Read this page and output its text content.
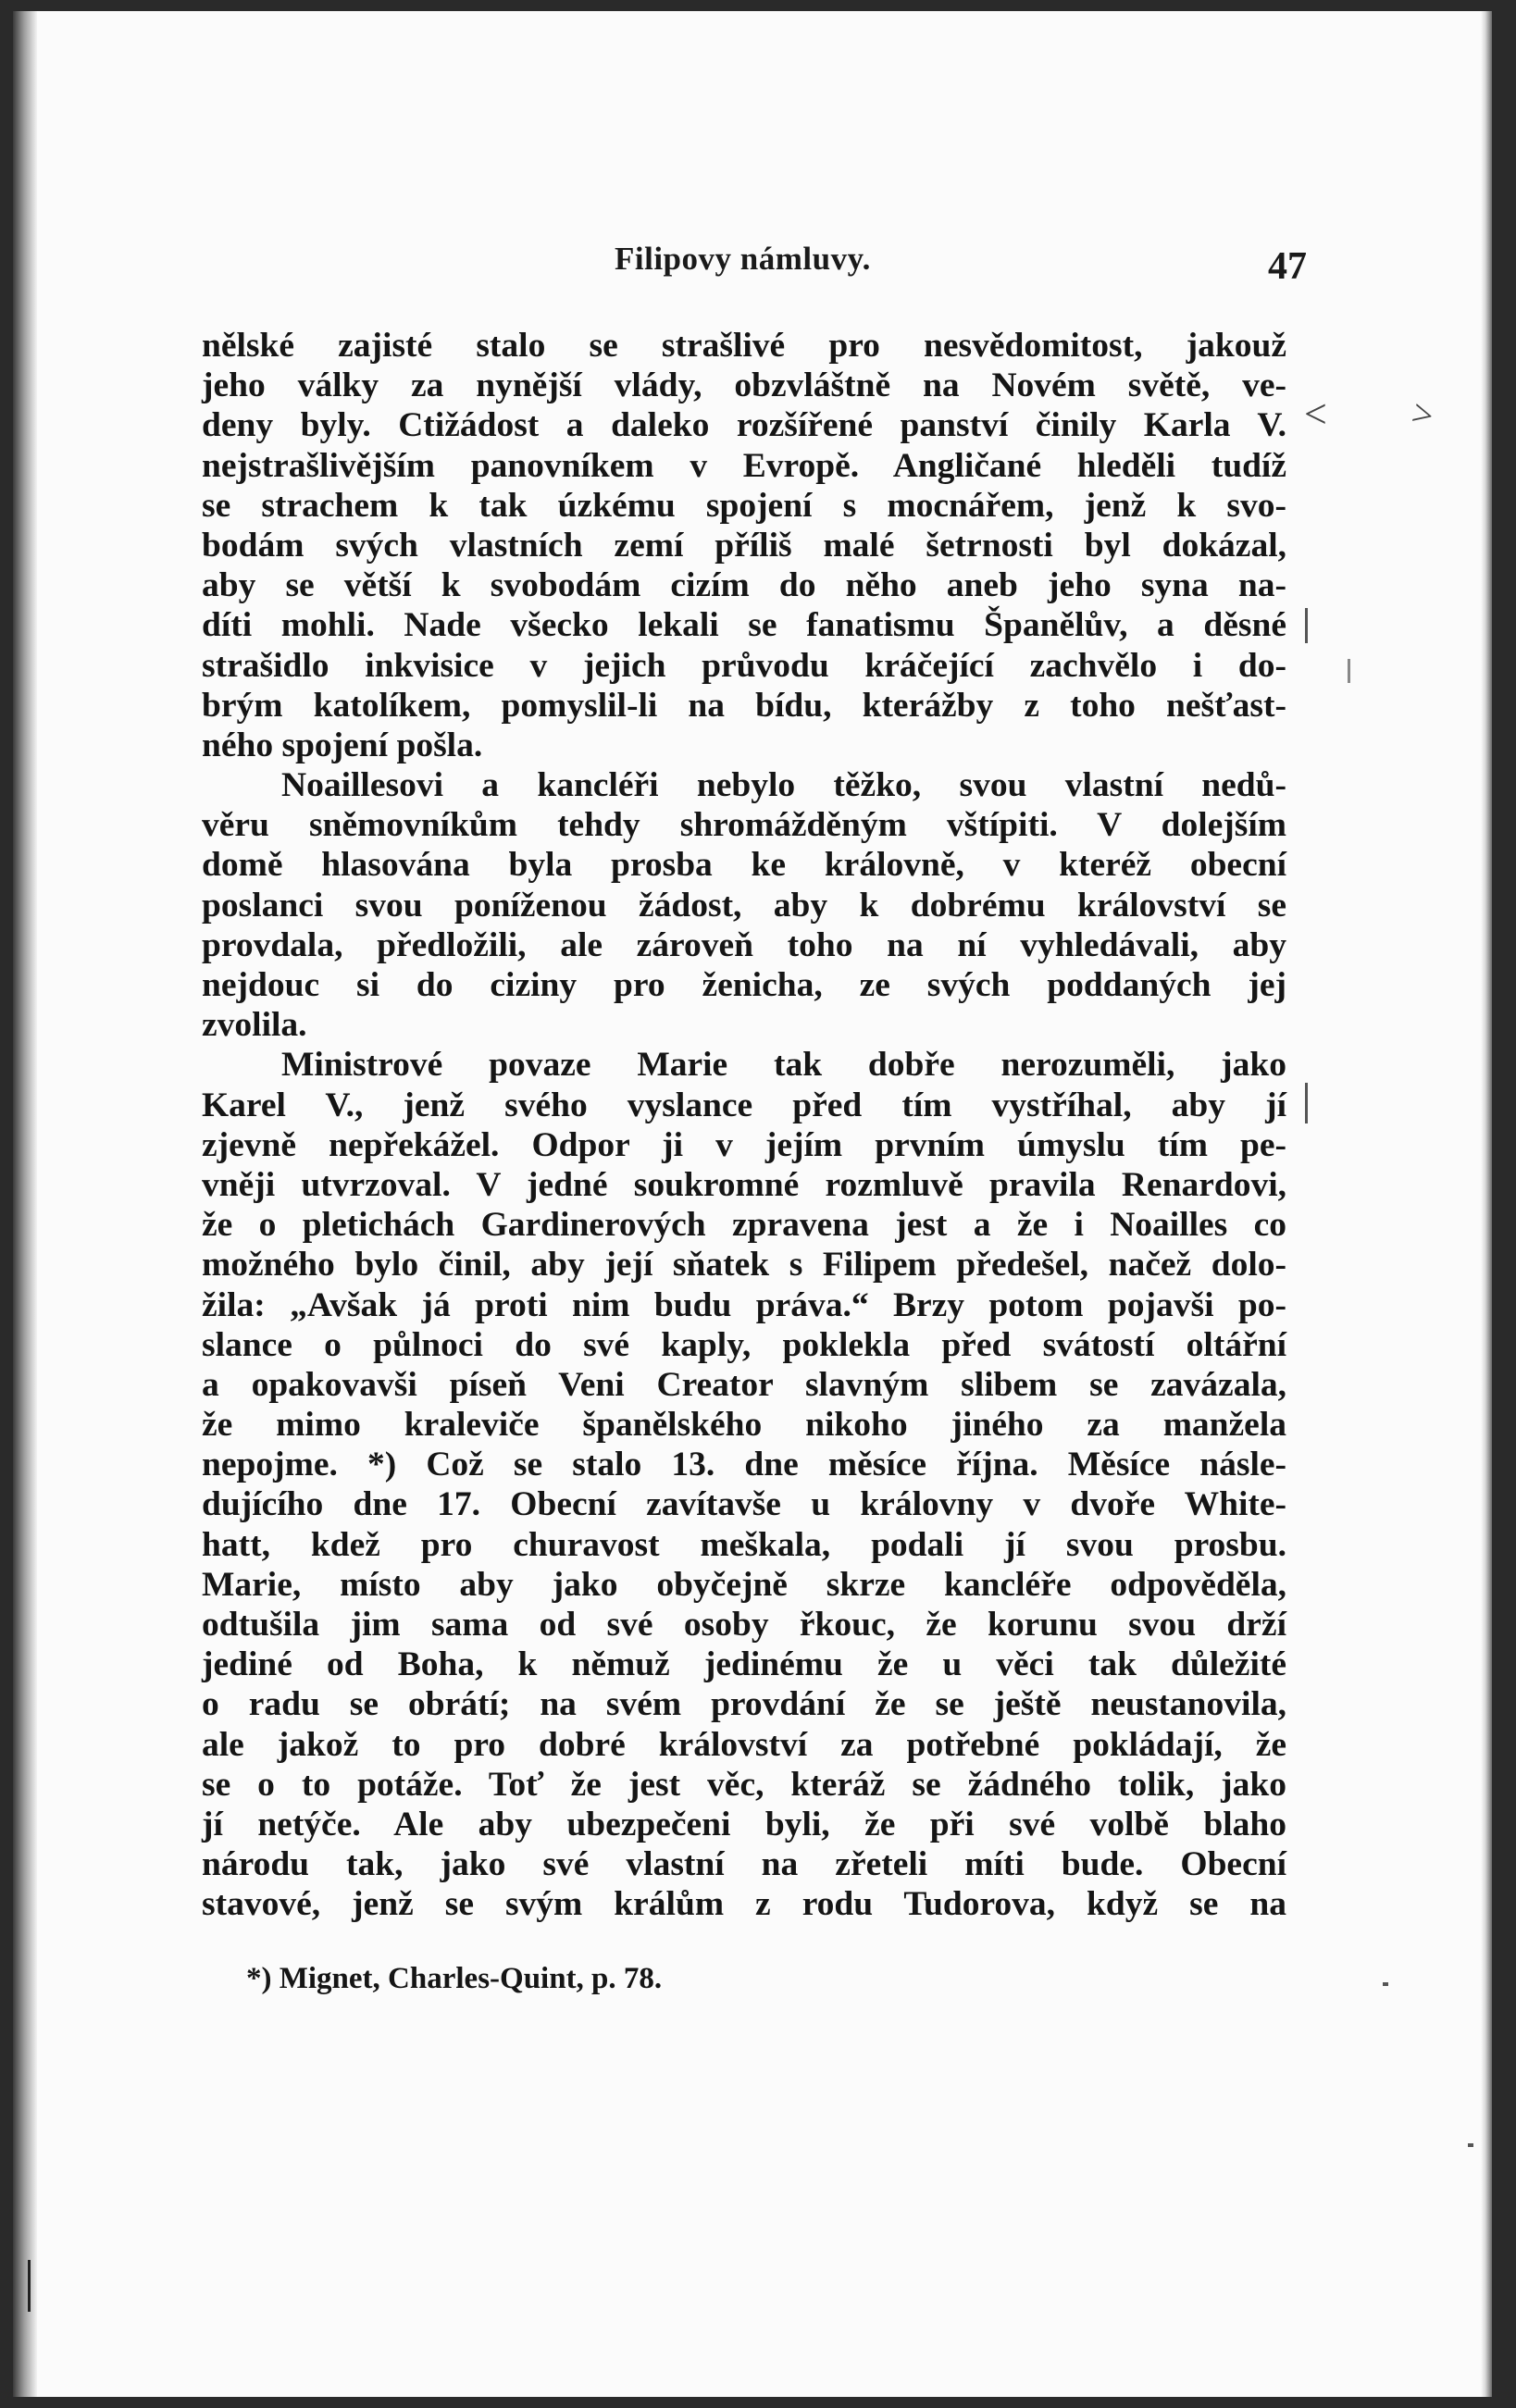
Filipovy námluvy.	47
< >
nělské zajisté stalo se strašlivé pro nesvědomitost, jakouž
jeho války za nynější vlády, obzvláštně na Novém světě, ve-
deny byly. Ctižádost a daleko rozšířené panství činily Karla V.
nejstrašlivějším panovníkem v Evropě. Angličané hleděli tudíž
se strachem k tak úzkému spojení s mocnářem, jenž k svo-
bodám svých vlastních zemí příliš malé šetrnosti byl dokázal,
aby se větší k svobodám cizím do něho aneb jeho syna na-
díti mohli. Nade všecko lekali se fanatismu Španělův, a děsné
strašidlo inkvisice v jejich průvodu kráčející zachvělo i do-
brým katolíkem, pomyslil-li na bídu, kterážby z toho nešťast-
ného spojení pošla.
Noaillesovi a kancléři nebylo těžko, svou vlastní nedů-
věru sněmovníkům tehdy shromážděným vštípiti. V dolejším
domě hlasována byla prosba ke královně, v kteréž obecní
poslanci svou poníženou žádost, aby k dobrému království se
provdala, předložili, ale zároveň toho na ní vyhledávali, aby
nejdouc si do ciziny pro ženicha, ze svých poddaných jej
zvolila.
Ministrové povaze Marie tak dobře nerozuměli, jako
Karel V., jenž svého vyslance před tím vystříhal, aby jí
zjevně nepřekážel. Odpor ji v jejím prvním úmyslu tím pe-
vněji utvrzoval. V jedné soukromné rozmluvě pravila Renardovi,
že o pletichách Gardinerových zpravena jest a že i Noailles co
možného bylo činil, aby její sňatek s Filipem předešel, načež dolo-
žila: „Avšak já proti nim budu práva.“ Brzy potom pojavši po-
slance o půlnoci do své kaply, poklekla před svátostí oltářní
a opakovavši píseň Veni Creator slavným slibem se zavázala,
že mimo kraleviče španělského nikoho jiného za manžela
nepojme. *) Což se stalo 13. dne měsíce října. Měsíce násle-
dujícího dne 17. Obecní zavítavše u královny v dvoře White-
hatt, kdež pro churavost meškala, podali jí svou prosbu.
Marie, místo aby jako obyčejně skrze kancléře odpověděla,
odtušila jim sama od své osoby řkouc, že korunu svou drží
jediné od Boha, k němuž jedinému že u věci tak důležité
o radu se obrátí; na svém provdání že se ještě neustanovila,
ale jakož to pro dobré království za potřebné pokládají, že
se o to potáže. Toť že jest věc, kteráž se žádného tolik, jako
jí netýče. Ale aby ubezpečeni byli, že při své volbě blaho
národu tak, jako své vlastní na zřeteli míti bude. Obecní
stavové, jenž se svým králům z rodu Tudorova, když se na
*) Mignet, Charles-Quint, p. 78.
